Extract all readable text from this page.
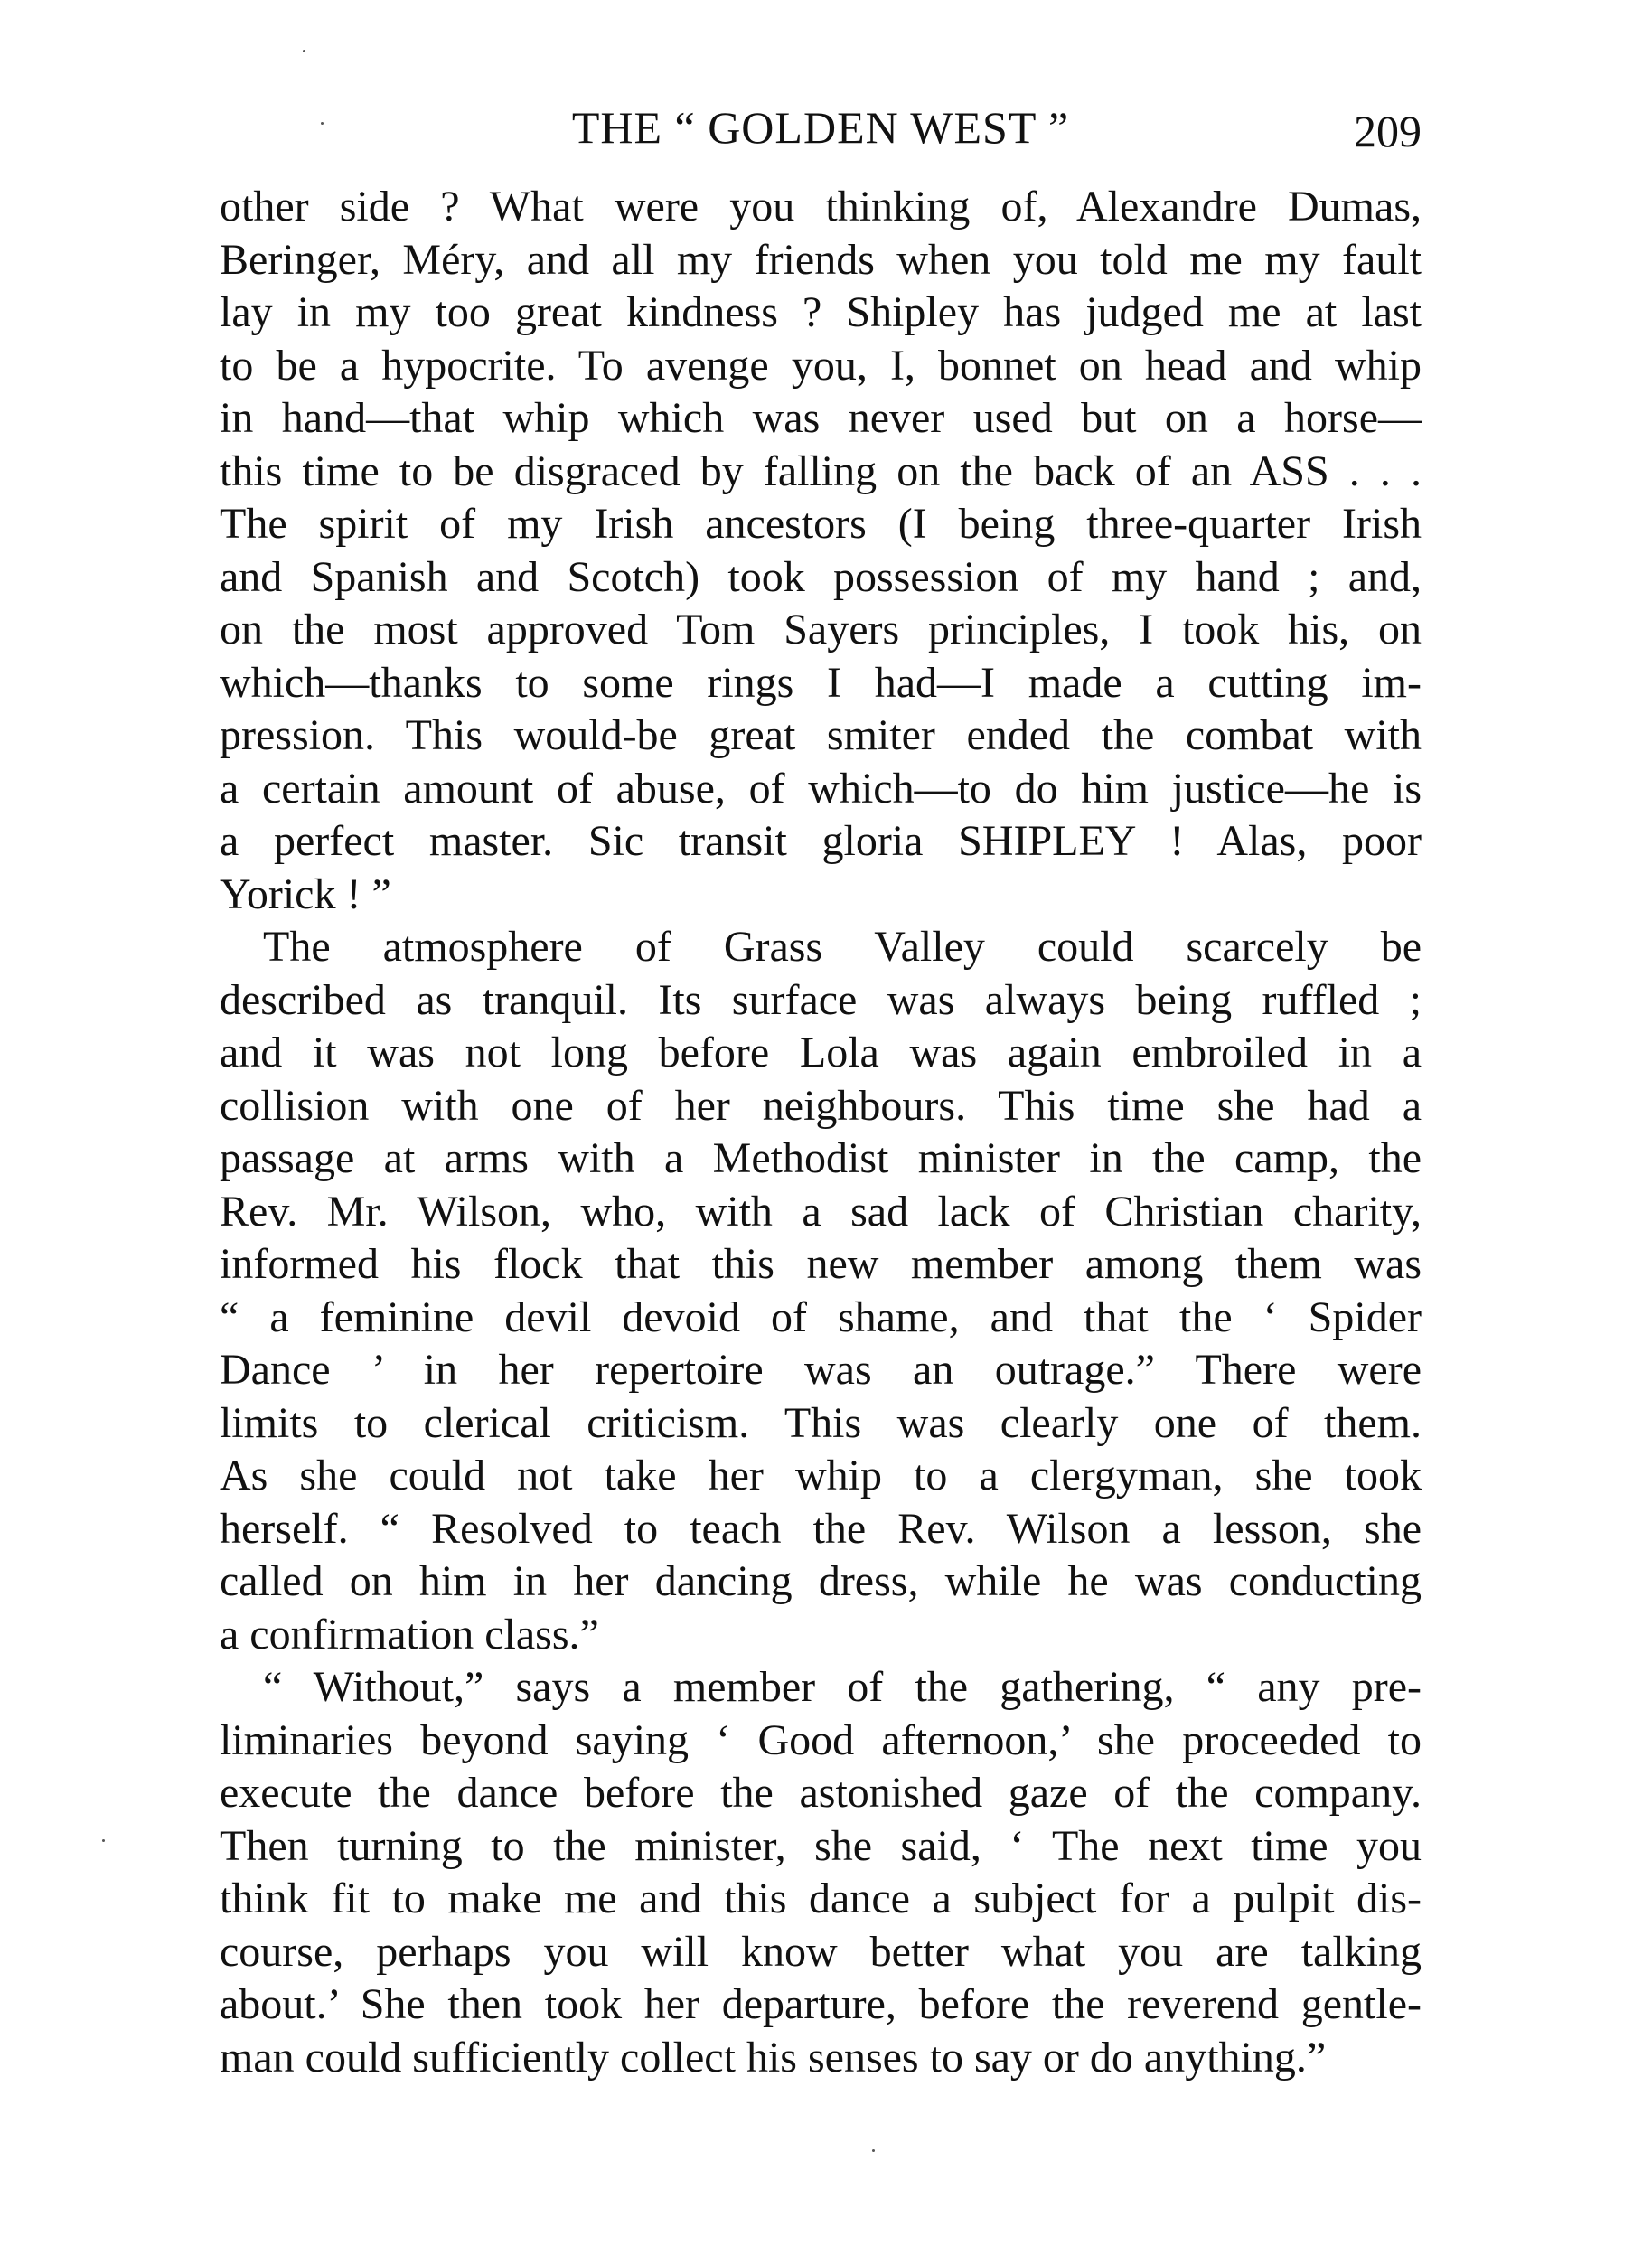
THE “ GOLDEN WEST ”	209
other side ? What were you thinking of, Alexandre Dumas,
Beringer, Méry, and all my friends when you told me my fault
lay in my too great kindness ? Shipley has judged me at last
to be a hypocrite. To avenge you, I, bonnet on head and whip
in hand—that whip which was never used but on a horse—
this time to be disgraced by falling on the back of an ASS . . .
The spirit of my Irish ancestors (I being three-quarter Irish
and Spanish and Scotch) took possession of my hand ; and,
on the most approved Tom Sayers principles, I took his, on
which—thanks to some rings I had—I made a cutting im-
pression. This would-be great smiter ended the combat with
a certain amount of abuse, of which—to do him justice—he is
a perfect master. Sic transit gloria SHIPLEY ! Alas, poor
Yorick ! ”
The atmosphere of Grass Valley could scarcely be
described as tranquil. Its surface was always being ruffled ;
and it was not long before Lola was again embroiled in a
collision with one of her neighbours. This time she had a
passage at arms with a Methodist minister in the camp, the
Rev. Mr. Wilson, who, with a sad lack of Christian charity,
informed his flock that this new member among them was
“ a feminine devil devoid of shame, and that the ‘ Spider
Dance ’ in her repertoire was an outrage.” There were
limits to clerical criticism. This was clearly one of them.
As she could not take her whip to a clergyman, she took
herself. “ Resolved to teach the Rev. Wilson a lesson, she
called on him in her dancing dress, while he was conducting
a confirmation class.”
“ Without,” says a member of the gathering, “ any pre-
liminaries beyond saying ‘ Good afternoon,’ she proceeded to
execute the dance before the astonished gaze of the company.
Then turning to the minister, she said, ‘ The next time you
think fit to make me and this dance a subject for a pulpit dis-
course, perhaps you will know better what you are talking
about.’ She then took her departure, before the reverend gentle-
man could sufficiently collect his senses to say or do anything.”
